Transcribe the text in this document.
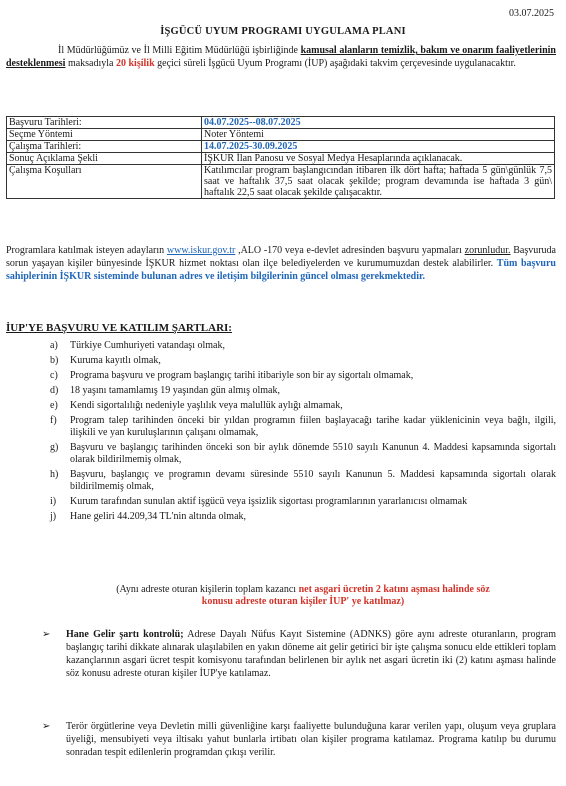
03.07.2025
İŞGÜCÜ UYUM PROGRAMI UYGULAMA PLANI
İl Müdürlüğümüz ve İl Milli Eğitim Müdürlüğü işbirliğinde kamusal alanların temizlik, bakım ve onarım faaliyetlerinin desteklenmesi maksadıyla 20 kişilik geçici süreli İşgücü Uyum Programı (İUP) aşağıdaki takvim çerçevesinde uygulanacaktır.
Başvuru Tarihleri:	04.07.2025--08.07.2025
Seçme Yöntemi	Noter Yöntemi
Çalışma Tarihleri:	14.07.2025-30.09.2025
Sonuç Açıklama Şekli	İŞKUR İlan Panosu ve Sosyal Medya Hesaplarında açıklanacak.
Çalışma Koşulları	Katılımcılar program başlangıcından itibaren ilk dört hafta; haftada 5 gün\günlük 7,5 saat ve haftalık 37,5 saat olacak şekilde; program devamında ise haftada 3 gün\ haftalık 22,5 saat olacak şekilde çalışacaktır.
Programlara katılmak isteyen adayların www.iskur.gov.tr ,ALO -170 veya e-devlet adresinden başvuru yapmaları zorunludur. Başvuruda sorun yaşayan kişiler bünyesinde İŞKUR hizmet noktası olan ilçe belediyelerden ve kurumumuzdan destek alabilirler. Tüm başvuru sahiplerinin İŞKUR sisteminde bulunan adres ve iletişim bilgilerinin güncel olması gerekmektedir.
İUP'YE BAŞVURU VE KATILIM ŞARTLARI:
a) Türkiye Cumhuriyeti vatandaşı olmak,
b) Kuruma kayıtlı olmak,
c) Programa başvuru ve program başlangıç tarihi itibariyle son bir ay sigortalı olmamak,
d) 18 yaşını tamamlamış 19 yaşından gün almış olmak,
e) Kendi sigortalılığı nedeniyle yaşlılık veya malullük aylığı almamak,
f) Program talep tarihinden önceki bir yıldan programın fiilen başlayacağı tarihe kadar yüklenicinin veya bağlı, ilgili, ilişkili ve yan kuruluşlarının çalışanı olmamak,
g) Başvuru ve başlangıç tarihinden önceki son bir aylık dönemde 5510 sayılı Kanunun 4. Maddesi kapsamında sigortalı olarak bildirilmemiş olmak,
h) Başvuru, başlangıç ve programın devamı süresinde 5510 sayılı Kanunun 5. Maddesi kapsamında sigortalı olarak bildirilmemiş olmak,
i) Kurum tarafından sunulan aktif işgücü veya işsizlik sigortası programlarının yararlanıcısı olmamak
j) Hane geliri 44.209,34 TL'nin altında olmak,
(Aynı adreste oturan kişilerin toplam kazancı net asgari ücretin 2 katını aşması halinde söz konusu adreste oturan kişiler İUP' ye katılmaz)
➢ Hane Gelir şartı kontrolü; Adrese Dayalı Nüfus Kayıt Sistemine (ADNKS) göre aynı adreste oturanların, program başlangıç tarihi dikkate alınarak ulaşılabilen en yakın döneme ait gelir getirici bir işte çalışma sonucu elde ettikleri toplam kazançlarının asgari ücret tespit komisyonu tarafından belirlenen bir aylık net asgari ücretin iki (2) katını aşması halinde söz konusu adreste oturan kişiler İUP'ye katılamaz.
➢ Terör örgütlerine veya Devletin milli güvenliğine karşı faaliyette bulunduğuna karar verilen yapı, oluşum veya gruplara üyeliği, mensubiyeti veya iltisakı yahut bunlarla irtibatı olan kişiler programa katılamaz. Programa katılıp bu durumu sonradan tespit edilenlerin programdan çıkışı verilir.
